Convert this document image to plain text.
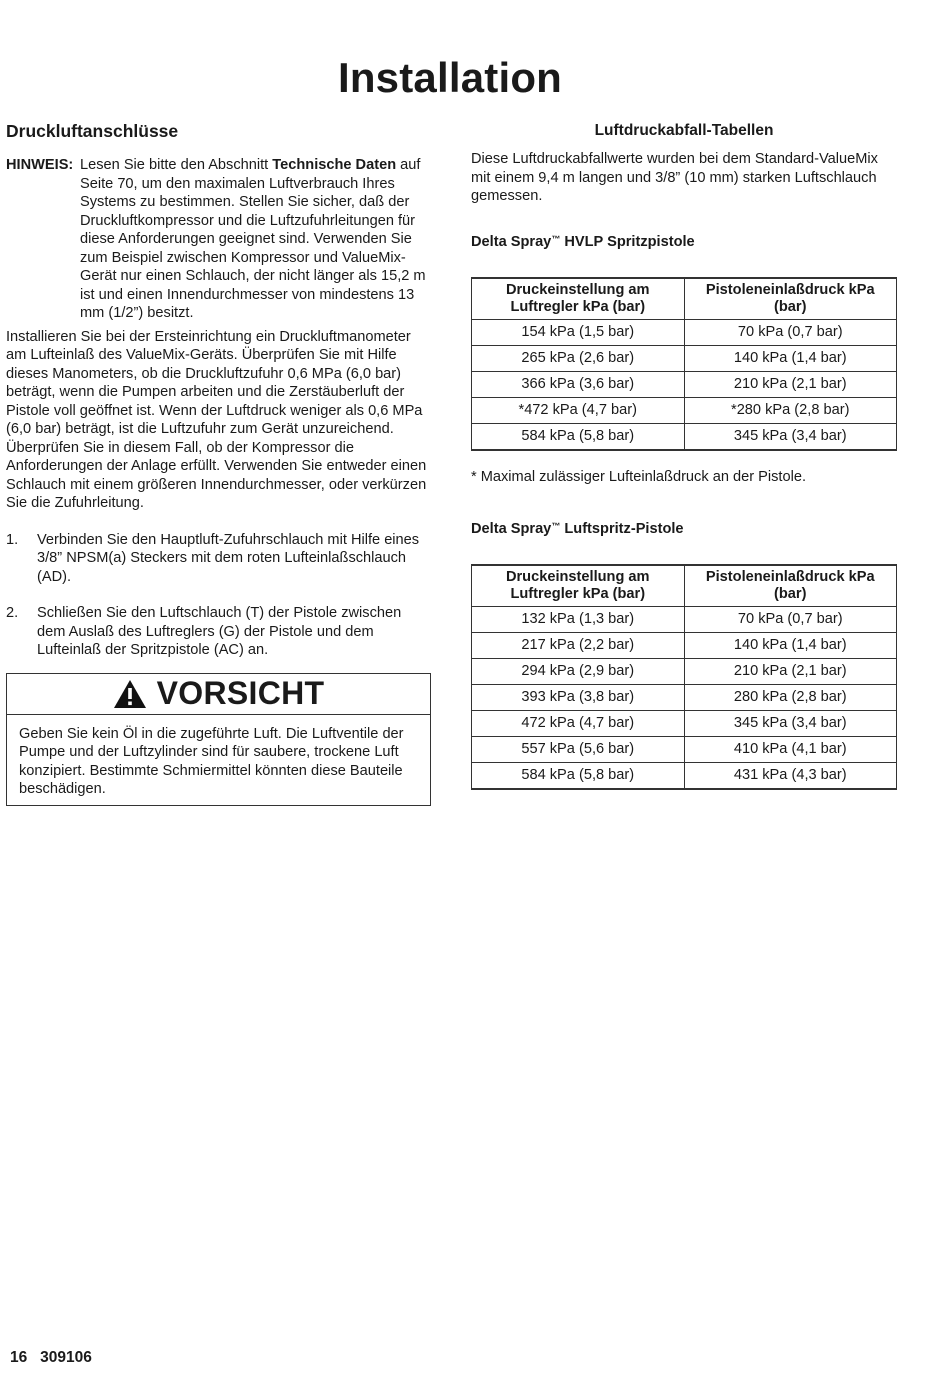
Installation
Druckluftanschlüsse
HINWEIS: Lesen Sie bitte den Abschnitt Technische Daten auf Seite 70, um den maximalen Luftverbrauch Ihres Systems zu bestimmen. Stellen Sie sicher, daß der Druckluftkompressor und die Luftzufuhrleitungen für diese Anforderungen geeignet sind. Verwenden Sie zum Beispiel zwischen Kompressor und ValueMix-Gerät nur einen Schlauch, der nicht länger als 15,2 m ist und einen Innendurchmesser von mindestens 13 mm (1/2”) besitzt.
Installieren Sie bei der Ersteinrichtung ein Druckluftmanometer am Lufteinlaß des ValueMix-Geräts. Überprüfen Sie mit Hilfe dieses Manometers, ob die Druckluftzufuhr 0,6 MPa (6,0 bar) beträgt, wenn die Pumpen arbeiten und die Zerstäuberluft der Pistole voll geöffnet ist. Wenn der Luftdruck weniger als 0,6 MPa (6,0 bar) beträgt, ist die Luftzufuhr zum Gerät unzureichend. Überprüfen Sie in diesem Fall, ob der Kompressor die Anforderungen der Anlage erfüllt. Verwenden Sie entweder einen Schlauch mit einem größeren Innendurchmesser, oder verkürzen Sie die Zufuhrleitung.
1.	Verbinden Sie den Hauptluft-Zufuhrschlauch mit Hilfe eines 3/8” NPSM(a) Steckers mit dem roten Lufteinlaßschlauch (AD).
2.	Schließen Sie den Luftschlauch (T) der Pistole zwischen dem Auslaß des Luftreglers (G) der Pistole und dem Lufteinlaß der Spritzpistole (AC) an.
VORSICHT
Geben Sie kein Öl in die zugeführte Luft. Die Luftventile der Pumpe und der Luftzylinder sind für saubere, trockene Luft konzipiert. Bestimmte Schmiermittel könnten diese Bauteile beschädigen.
Luftdruckabfall-Tabellen
Diese Luftdruckabfallwerte wurden bei dem Standard-ValueMix mit einem 9,4 m langen und 3/8” (10 mm) starken Luftschlauch gemessen.
Delta Spray™ HVLP Spritzpistole
Druckeinstellung am Luftregler kPa (bar)	Pistoleneinlaßdruck kPa (bar)
154 kPa (1,5 bar)	70 kPa (0,7 bar)
265 kPa (2,6 bar)	140 kPa (1,4 bar)
366 kPa (3,6 bar)	210 kPa (2,1 bar)
*472 kPa (4,7 bar)	*280 kPa (2,8 bar)
584 kPa (5,8 bar)	345 kPa (3,4 bar)
* Maximal zulässiger Lufteinlaßdruck an der Pistole.
Delta Spray™ Luftspritz-Pistole
Druckeinstellung am Luftregler kPa (bar)	Pistoleneinlaßdruck kPa (bar)
132 kPa (1,3 bar)	70 kPa (0,7 bar)
217 kPa (2,2 bar)	140 kPa (1,4 bar)
294 kPa (2,9 bar)	210 kPa (2,1 bar)
393 kPa (3,8 bar)	280 kPa (2,8 bar)
472 kPa (4,7 bar)	345 kPa (3,4 bar)
557 kPa (5,6 bar)	410 kPa (4,1 bar)
584 kPa (5,8 bar)	431 kPa (4,3 bar)
16 309106
